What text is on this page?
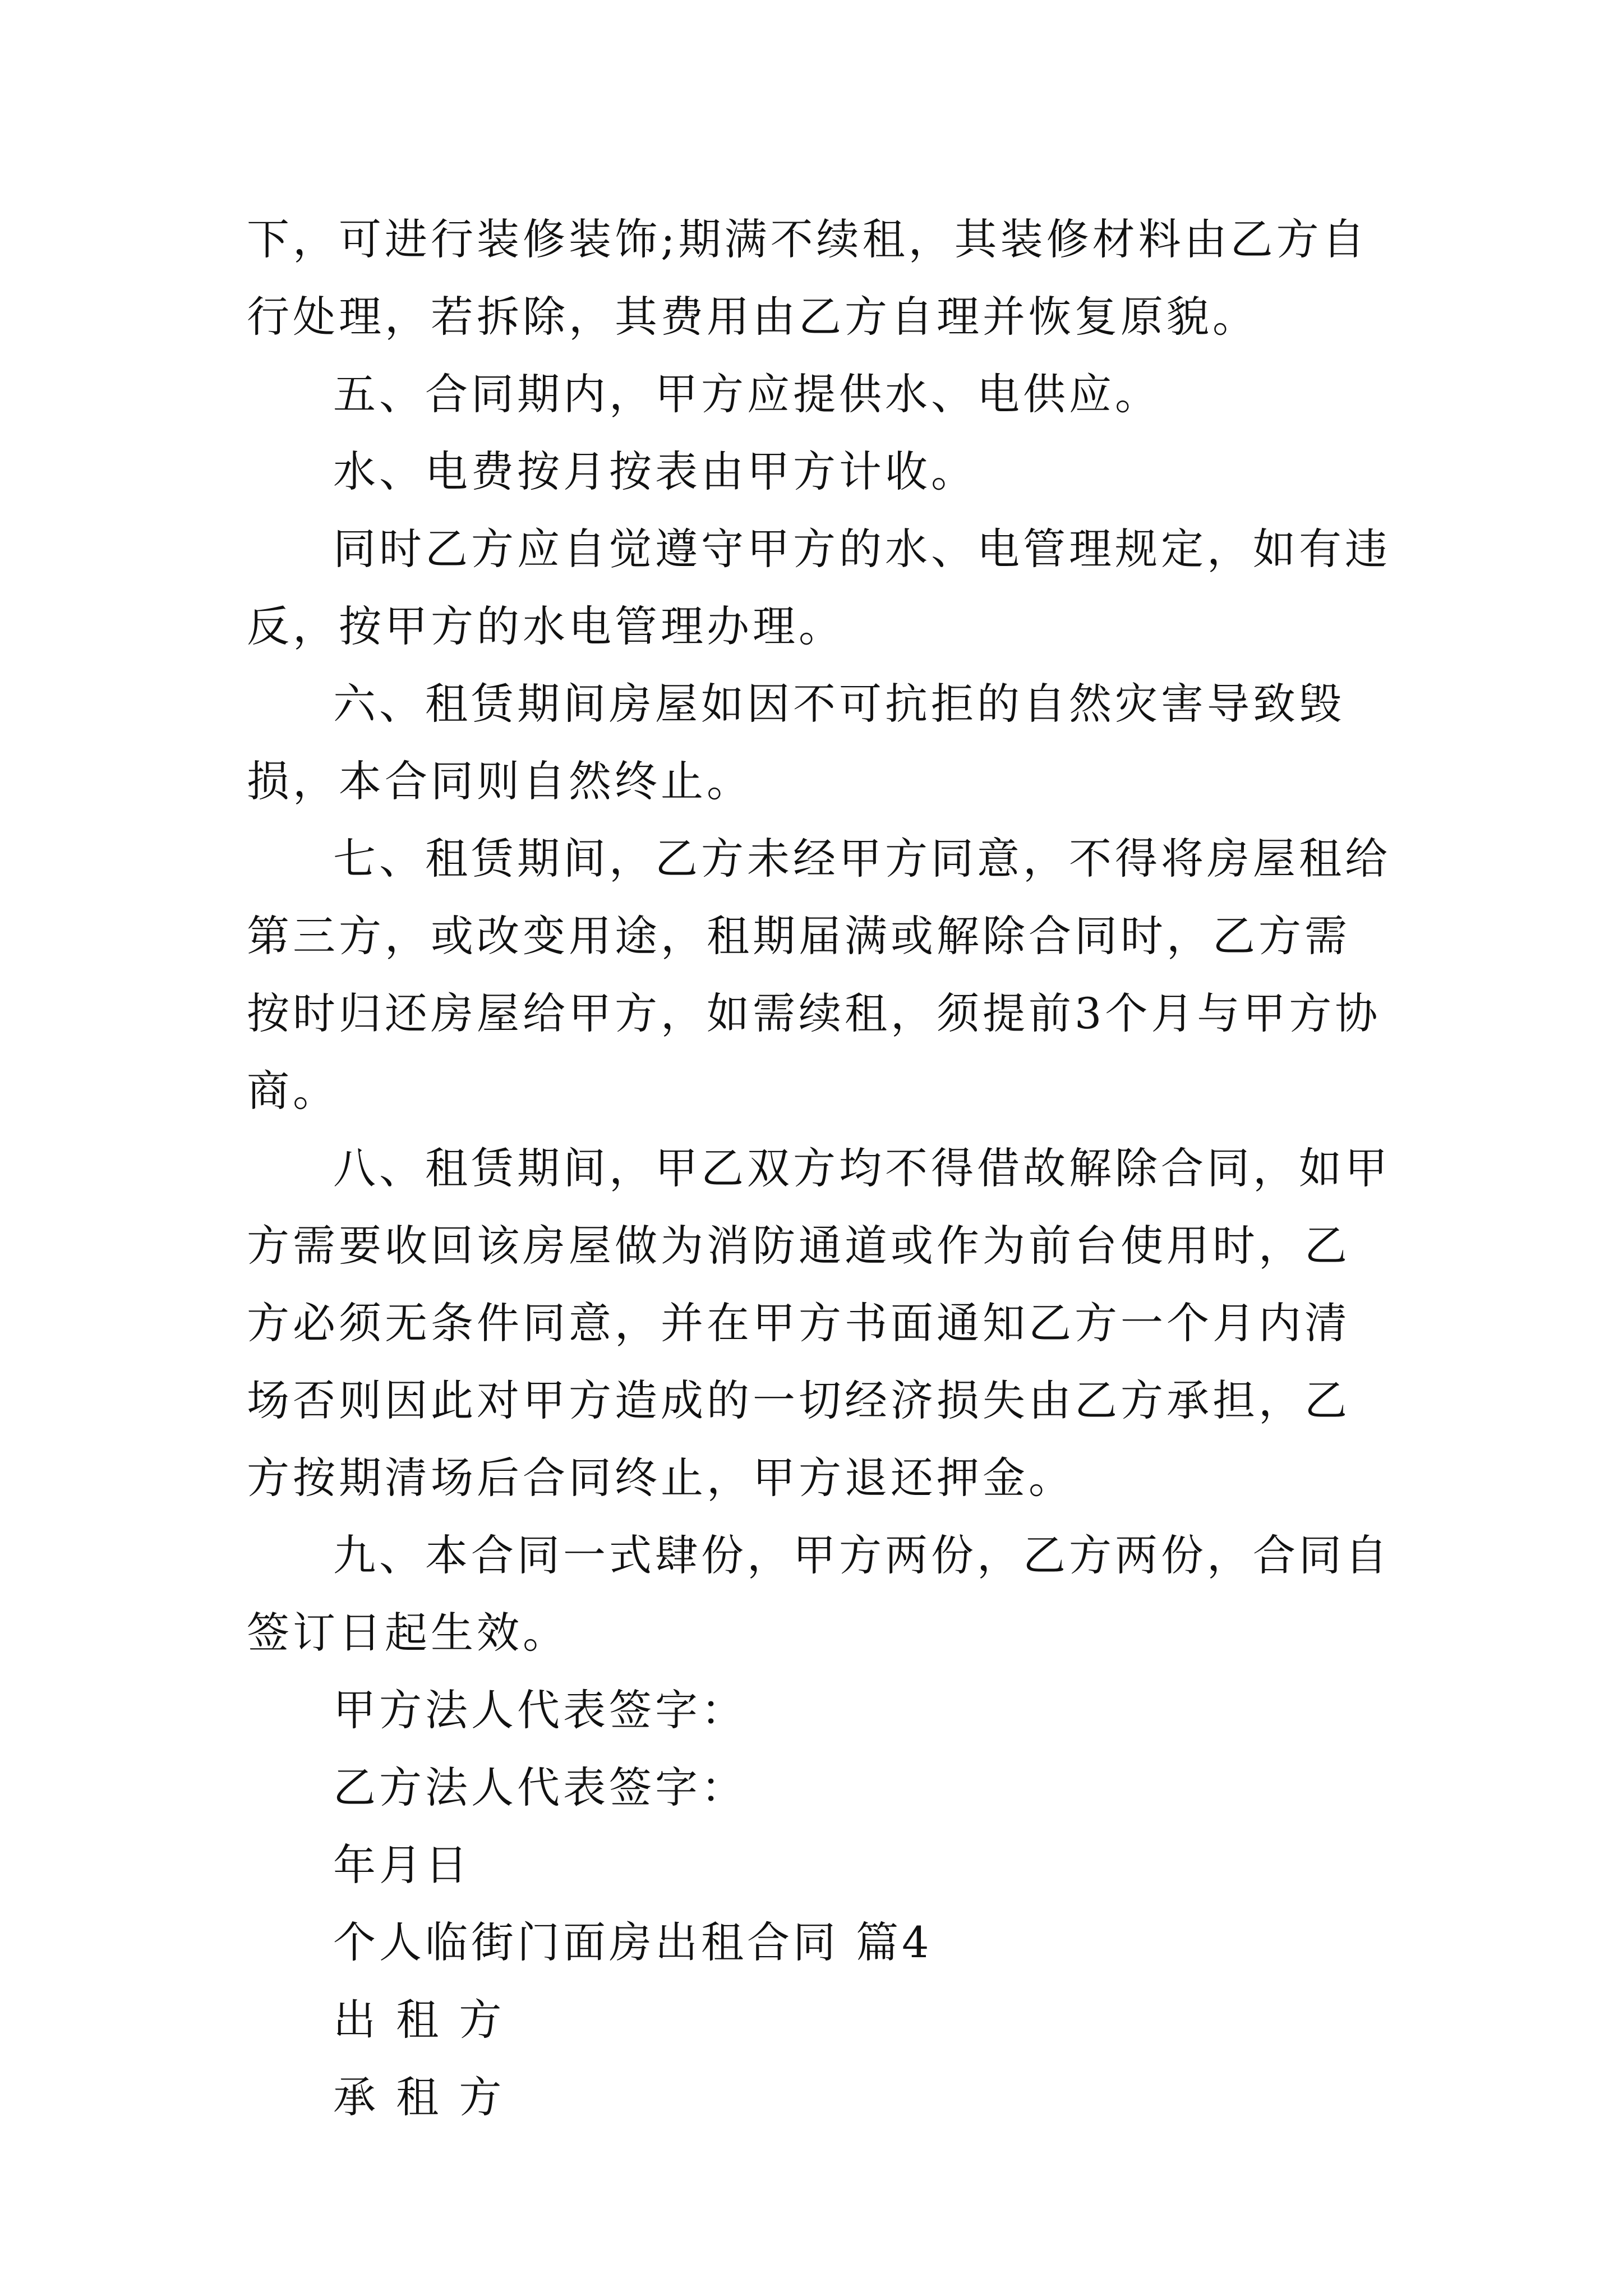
下，可进行装修装饰;期满不续租，其装修材料由乙方自行处理，若拆除，其费用由乙方自理并恢复原貌。

五、合同期内，甲方应提供水、电供应。

水、电费按月按表由甲方计收。

同时乙方应自觉遵守甲方的水、电管理规定，如有违反，按甲方的水电管理办理。

六、租赁期间房屋如因不可抗拒的自然灾害导致毁损，本合同则自然终止。

七、租赁期间，乙方未经甲方同意，不得将房屋租给第三方，或改变用途，租期届满或解除合同时，乙方需按时归还房屋给甲方，如需续租，须提前3个月与甲方协商。

八、租赁期间，甲乙双方均不得借故解除合同，如甲方需要收回该房屋做为消防通道或作为前台使用时，乙方必须无条件同意，并在甲方书面通知乙方一个月内清场否则因此对甲方造成的一切经济损失由乙方承担，乙方按期清场后合同终止，甲方退还押金。

九、本合同一式肆份，甲方两份，乙方两份，合同自签订日起生效。

甲方法人代表签字：

乙方法人代表签字：

年月日

个人临街门面房出租合同 篇4

出 租 方

承 租 方
